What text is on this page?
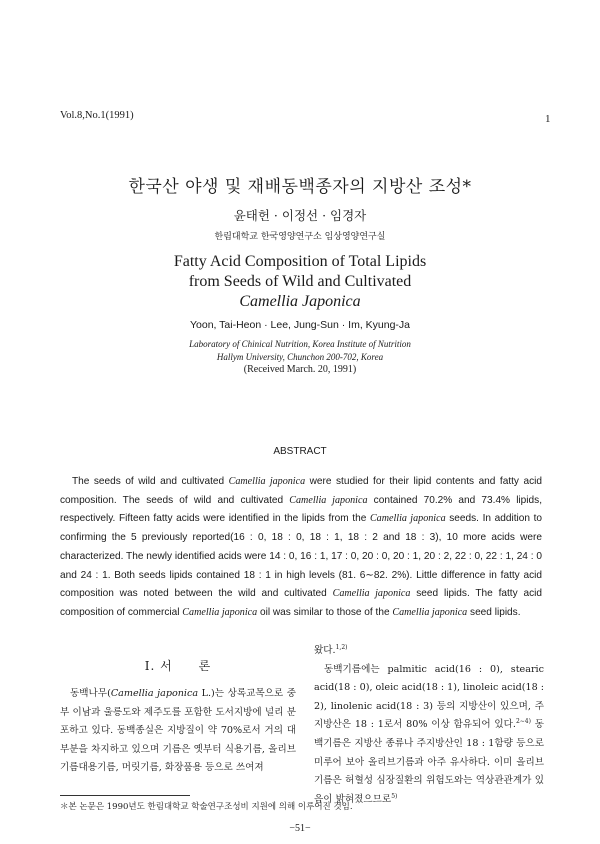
Vol.8,No.1(1991)	1
한국산 야생 및 재배동백종자의 지방산 조성*
윤태헌 · 이정선 · 임경자
한림대학교 한국영양연구소 임상영양연구실
Fatty Acid Composition of Total Lipids
from Seeds of Wild and Cultivated
Camellia Japonica
Yoon, Tai-Heon · Lee, Jung-Sun · Im, Kyung-Ja
Laboratory of Chinical Nutrition, Korea Institute of Nutrition
Hallym University, Chunchon 200-702, Korea
(Received March. 20, 1991)
ABSTRACT

The seeds of wild and cultivated Camellia japonica were studied for their lipid contents and fatty acid composition. The seeds of wild and cultivated Camellia japonica contained 70.2% and 73.4% lipids, respectively. Fifteen fatty acids were identified in the lipids from the Camellia japonica seeds. In addition to confirming the 5 previously reported(16 : 0, 18 : 0, 18 : 1, 18 : 2 and 18 : 3), 10 more acids were characterized. The newly identified acids were 14 : 0, 16 : 1, 17 : 0, 20 : 0, 20 : 1, 20 : 2, 22 : 0, 22 : 1, 24 : 0 and 24 : 1. Both seeds lipids contained 18 : 1 in high levels (81. 6∼82. 2%). Little difference in fatty acid composition was noted between the wild and cultivated Camellia japonica seed lipids. The fatty acid composition of commercial Camellia japonica oil was similar to those of the Camellia japonica seed lipids.

I. 서　　론

동백나무(Camellia japonica L.)는 상록교목으로 중부 이남과 울릉도와 제주도를 포함한 도서지방에 널리 분포하고 있다. 동백종실은 지방질이 약 70%로서 거의 대부분을 차지하고 있으며 기름은 옛부터 식용기름, 올리브기름대용기름, 머릿기름, 화장품용 등으로 쓰여져

왔다.$^{1,2)}$

동백기름에는 palmitic acid(16 : 0), stearic acid(18 : 0), oleic acid(18 : 1), linoleic acid(18 : 2), linolenic acid(18 : 3) 등의 지방산이 있으며, 주지방산은 18 : 1로서 80% 이상 함유되어 있다.$^{2\sim 4)}$ 동백기름은 지방산 종류나 주지방산인 18 : 1함량 등으로 미루어 보아 올리브기름과 아주 유사하다. 이미 올리브기름은 허혈성 심장질환의 위험도와는 역상관관계가 있음이 밝혀졌으므로$^{5)}$

＊본 논문은 1990년도 한림대학교 학술연구조성비 지원에 의해 이루어진 것임.
−51−
